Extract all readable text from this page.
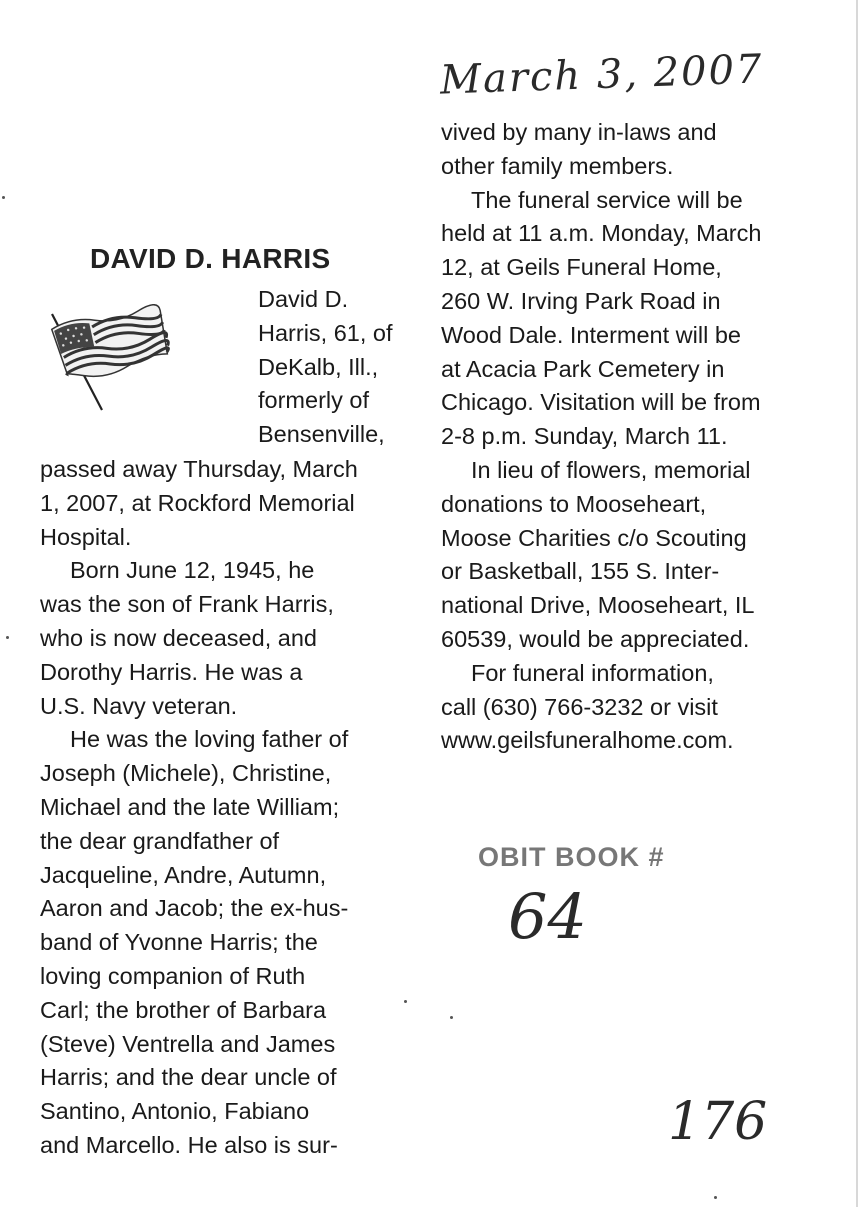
March 3, 2007
DAVID D. HARRIS
David D.
Harris, 61, of
DeKalb, Ill.,
formerly of
Bensenville,
passed away Thursday, March
1, 2007, at Rockford Memorial
Hospital.
Born June 12, 1945, he
was the son of Frank Harris,
who is now deceased, and
Dorothy Harris. He was a
U.S. Navy veteran.
He was the loving father of
Joseph (Michele), Christine,
Michael and the late William;
the dear grandfather of
Jacqueline, Andre, Autumn,
Aaron and Jacob; the ex-hus-
band of Yvonne Harris; the
loving companion of Ruth
Carl; the brother of Barbara
(Steve) Ventrella and James
Harris; and the dear uncle of
Santino, Antonio, Fabiano
and Marcello. He also is sur-
vived by many in-laws and
other family members.
The funeral service will be
held at 11 a.m. Monday, March
12, at Geils Funeral Home,
260 W. Irving Park Road in
Wood Dale. Interment will be
at Acacia Park Cemetery in
Chicago. Visitation will be from
2-8 p.m. Sunday, March 11.
In lieu of flowers, memorial
donations to Mooseheart,
Moose Charities c/o Scouting
or Basketball, 155 S. Inter-
national Drive, Mooseheart, IL
60539, would be appreciated.
For funeral information,
call (630) 766-3232 or visit
www.geilsfuneralhome.com.
OBIT BOOK #
64
176
